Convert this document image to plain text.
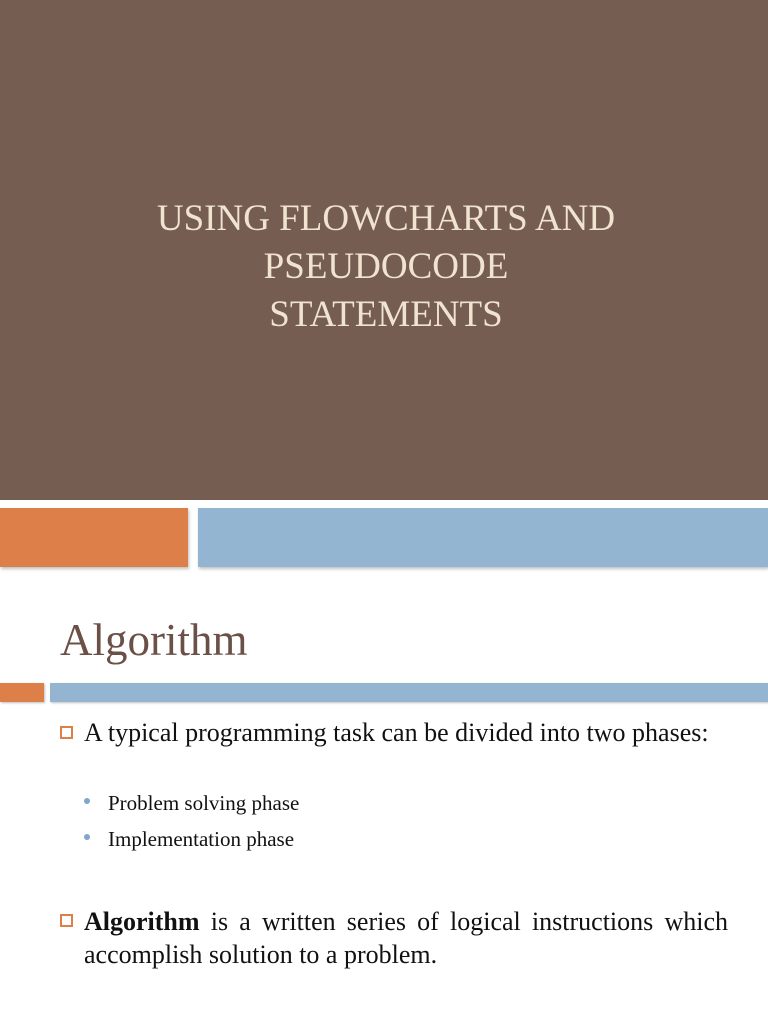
USING FLOWCHARTS AND
PSEUDOCODE
STATEMENTS
Algorithm
A typical programming task can be divided into two phases:
Problem solving phase
Implementation phase
Algorithm is a written series of logical instructions which accomplish solution to a problem.
